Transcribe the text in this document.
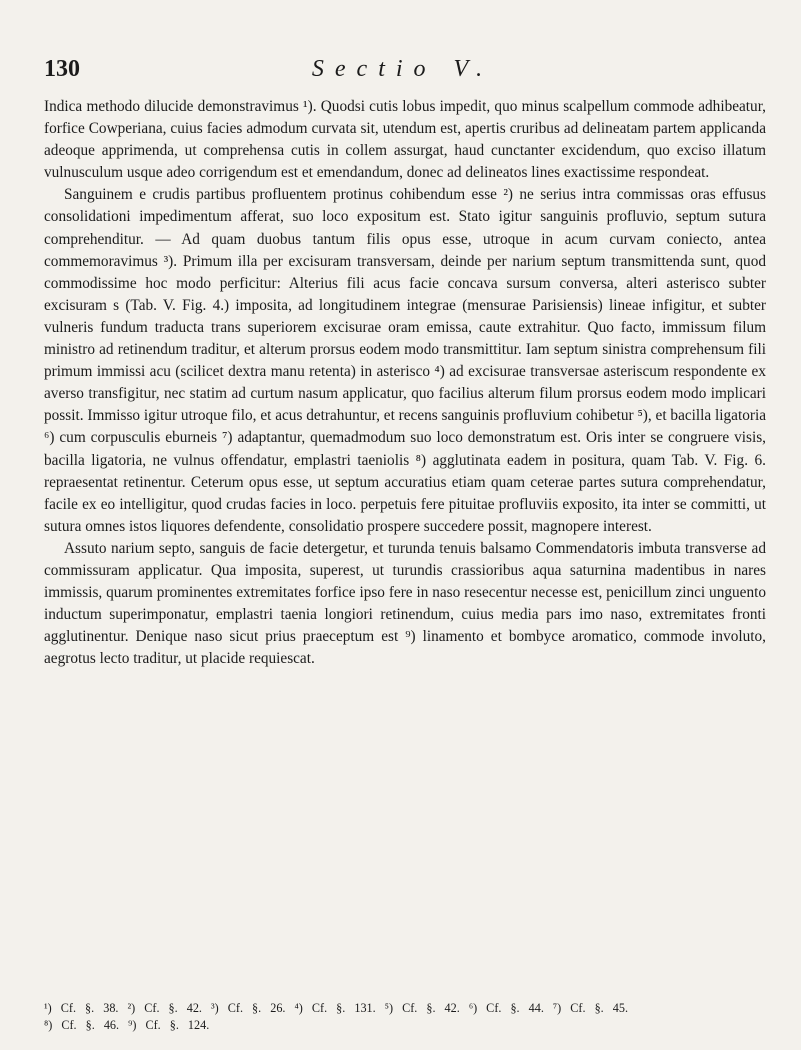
130	Sectio V.

Indica methodo dilucide demonstravimus ¹). Quodsi cutis lobus impedit, quo minus scalpellum commode adhibeatur, forfice Cowperiana, cuius facies admodum curvata sit, utendum est, apertis cruribus ad delineatam partem applicanda adeoque apprimenda, ut comprehensa cutis in collem assurgat, haud cunctanter excidendum, quo exciso illatum vulnusculum usque adeo corrigendum est et emendandum, donec ad delineatos lines exactissime respondeat.

Sanguinem e crudis partibus profluentem protinus cohibendum esse ²) ne serius intra commissas oras effusus consolidationi impedimentum afferat, suo loco expositum est. Stato igitur sanguinis profluvio, septum sutura comprehenditur. — Ad quam duobus tantum filis opus esse, utroque in acum curvam coniecto, antea commemoravimus ³). Primum illa per excisuram transversam, deinde per narium septum transmittenda sunt, quod commodissime hoc modo perficitur: Alterius fili acus facie concava sursum conversa, alteri asterisco subter excisuram s (Tab. V. Fig. 4.) imposita, ad longitudinem integrae (mensurae Parisiensis) lineae infigitur, et subter vulneris fundum traducta trans superiorem excisurae oram emissa, caute extrahitur. Quo facto, immissum filum ministro ad retinendum traditur, et alterum prorsus eodem modo transmittitur. Iam septum sinistra comprehensum fili primum immissi acu (scilicet dextra manu retenta) in asterisco ⁴) ad excisurae transversae asteriscum respondente ex averso transfigitur, nec statim ad curtum nasum applicatur, quo facilius alterum filum prorsus eodem modo implicari possit. Immisso igitur utroque filo, et acus detrahuntur, et recens sanguinis profluvium cohibetur ⁵), et bacilla ligatoria ⁶) cum corpusculis eburneis ⁷) adaptantur, quemadmodum suo loco demonstratum est. Oris inter se congruere visis, bacilla ligatoria, ne vulnus offendatur, emplastri taeniolis ⁸) agglutinata eadem in positura, quam Tab. V. Fig. 6. repraesentat retinentur. Ceterum opus esse, ut septum accuratius etiam quam ceterae partes sutura comprehendatur, facile ex eo intelligitur, quod crudas facies in loco. perpetuis fere pituitae profluviis exposito, ita inter se committi, ut sutura omnes istos liquores defendente, consolidatio prospere succedere possit, magnopere interest.

Assuto narium septo, sanguis de facie detergetur, et turunda tenuis balsamo Commendatoris imbuta transverse ad commissuram applicatur. Qua imposita, superest, ut turundis crassioribus aqua saturnina madentibus in nares immissis, quarum prominentes extremitates forfice ipso fere in naso resecentur necesse est, penicillum zinci unguento inductum superimponatur, emplastri taenia longiori retinendum, cuius media pars imo naso, extremitates fronti agglutinentur. Denique naso sicut prius praeceptum est ⁹) linamento et bombyce aromatico, commode involuto, aegrotus lecto traditur, ut placide requiescat.

¹) Cf. §. 38. ²) Cf. §. 42. ³) Cf. §. 26. ⁴) Cf. §. 131. ⁵) Cf. §. 42. ⁶) Cf. §. 44. ⁷) Cf. §. 45.
⁸) Cf. §. 46. ⁹) Cf. §. 124.
